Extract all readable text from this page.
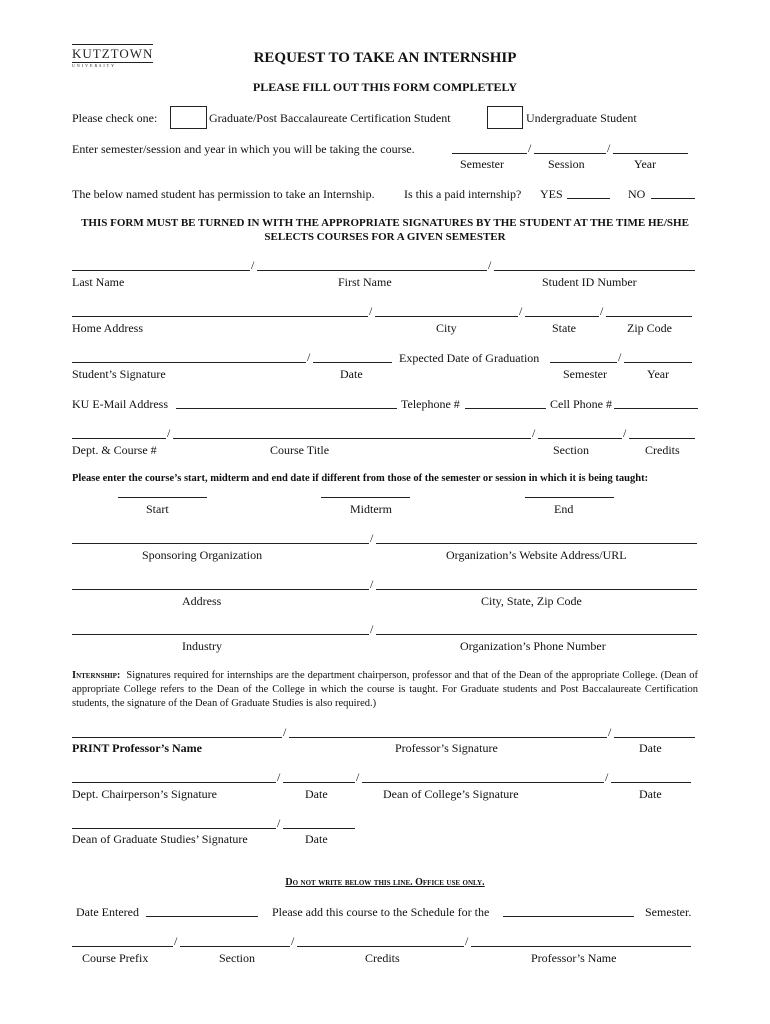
KUTZTOWN
UNIVERSITY	REQUEST TO TAKE AN INTERNSHIP
PLEASE FILL OUT THIS FORM COMPLETELY
Please check one:	Graduate/Post Baccalaureate Certification Student	Undergraduate Student
Enter semester/session and year in which you will be taking the course.	/	/
Semester	Session	Year
The below named student has permission to take an Internship. Is this a paid internship? YES	NO
THIS FORM MUST BE TURNED IN WITH THE APPROPRIATE SIGNATURES BY THE STUDENT AT THE TIME HE/SHE
SELECTS COURSES FOR A GIVEN SEMESTER
/	/
Last Name	First Name	Student ID Number
/	/	/
Home Address	City	State	Zip Code
/	Expected Date of Graduation	/
Student’s Signature	Date	Semester	Year
KU E-Mail Address	Telephone #	Cell Phone #
/	/	/
Dept. & Course #	Course Title	Section	Credits
Please enter the course’s start, midterm and end date if different from those of the semester or session in which it is being taught:
Start	Midterm	End
/
Sponsoring Organization	Organization’s Website Address/URL
/
Address	City, State, Zip Code
/
Industry	Organization’s Phone Number
Internship: Signatures required for internships are the department chairperson, professor and that of the Dean of the appropriate College. (Dean of appropriate College refers to the Dean of the College in which the course is taught. For Graduate students and Post Baccalaureate Certification students, the signature of the Dean of Graduate Studies is also required.)
/	/
PRINT Professor’s Name	Professor’s Signature	Date
/	/	/
Dept. Chairperson’s Signature	Date	Dean of College’s Signature	Date
/
Dean of Graduate Studies’ Signature	Date
Do not write below this line. Office use only.
Date Entered	Please add this course to the Schedule for the	Semester.
/	/	/
Course Prefix	Section	Credits	Professor’s Name
